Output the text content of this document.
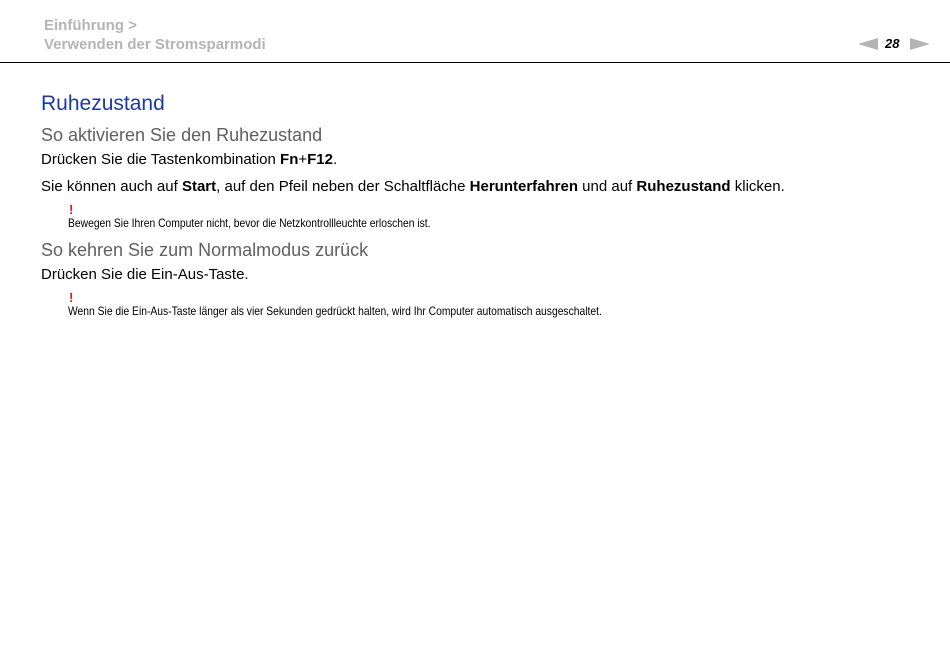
Einführung >
Verwenden der Stromsparmodi	28
Ruhezustand
So aktivieren Sie den Ruhezustand
Drücken Sie die Tastenkombination Fn+F12.
Sie können auch auf Start, auf den Pfeil neben der Schaltfläche Herunterfahren und auf Ruhezustand klicken.
!
Bewegen Sie Ihren Computer nicht, bevor die Netzkontrollleuchte erloschen ist.
So kehren Sie zum Normalmodus zurück
Drücken Sie die Ein-Aus-Taste.
!
Wenn Sie die Ein-Aus-Taste länger als vier Sekunden gedrückt halten, wird Ihr Computer automatisch ausgeschaltet.
